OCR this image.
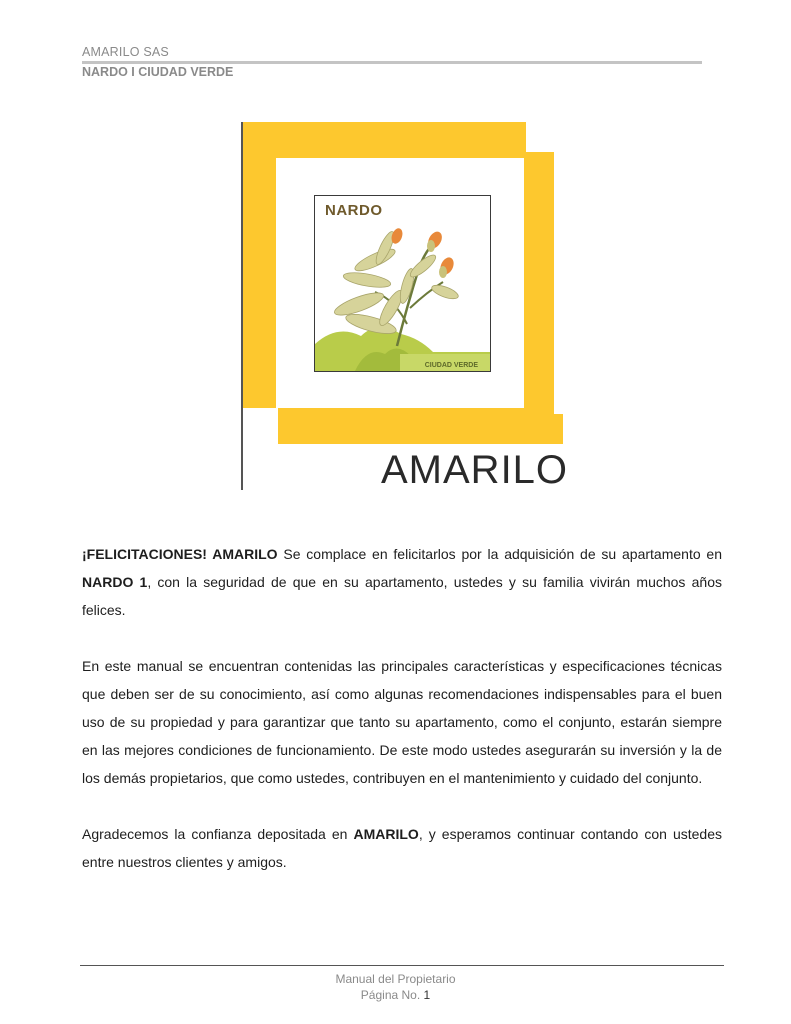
AMARILO SAS
NARDO I CIUDAD VERDE
NARDO
CIUDAD VERDE
AMARILO

¡FELICITACIONES! AMARILO Se complace en felicitarlos por la adquisición de su apartamento en NARDO 1, con la seguridad de que en su apartamento, ustedes y su familia vivirán muchos años felices.

En este manual se encuentran contenidas las principales características y especificaciones técnicas que deben ser de su conocimiento, así como algunas recomendaciones indispensables para el buen uso de su propiedad y para garantizar que tanto su apartamento, como el conjunto, estarán siempre en las mejores condiciones de funcionamiento. De este modo ustedes asegurarán su inversión y la de los demás propietarios, que como ustedes, contribuyen en el mantenimiento y cuidado del conjunto.

Agradecemos la confianza depositada en AMARILO, y esperamos continuar contando con ustedes entre nuestros clientes y amigos.

Manual del Propietario
Página No. 1
